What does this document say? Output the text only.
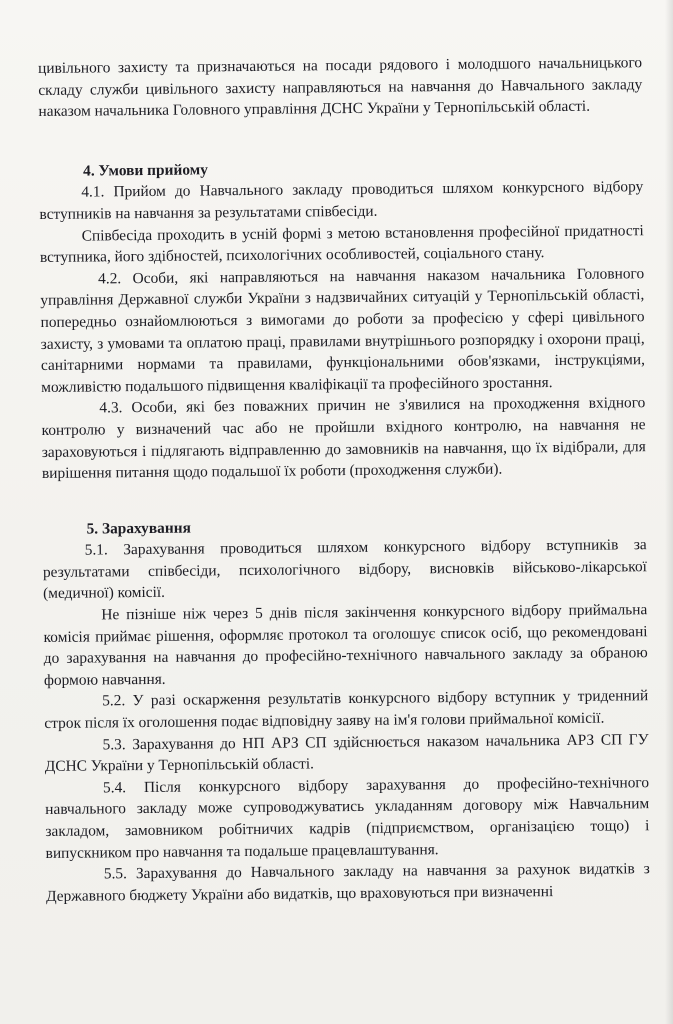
цивільного захисту та призначаються на посади рядового і молодшого начальницького складу служби цивільного захисту направляються на навчання до Навчального закладу наказом начальника Головного управління ДСНС України у Тернопільській області.

4. Умови прийому

4.1. Прийом до Навчального закладу проводиться шляхом конкурсного відбору вступників на навчання за результатами співбесіди.

Співбесіда проходить в усній формі з метою встановлення професійної придатності вступника, його здібностей, психологічних особливостей, соціального стану.

4.2. Особи, які направляються на навчання наказом начальника Головного управління Державної служби України з надзвичайних ситуацій у Тернопільській області, попередньо ознайомлюються з вимогами до роботи за професією у сфері цивільного захисту, з умовами та оплатою праці, правилами внутрішнього розпорядку і охорони праці, санітарними нормами та правилами, функціональними обов'язками, інструкціями, можливістю подальшого підвищення кваліфікації та професійного зростання.

4.3. Особи, які без поважних причин не з'явилися на проходження вхідного контролю у визначений час або не пройшли вхідного контролю, на навчання не зараховуються і підлягають відправленню до замовників на навчання, що їх відібрали, для вирішення питання щодо подальшої їх роботи (проходження служби).

5. Зарахування

5.1. Зарахування проводиться шляхом конкурсного відбору вступників за результатами співбесіди, психологічного відбору, висновків військово-лікарської (медичної) комісії.

Не пізніше ніж через 5 днів після закінчення конкурсного відбору приймальна комісія приймає рішення, оформляє протокол та оголошує список осіб, що рекомендовані до зарахування на навчання до професійно-технічного навчального закладу за обраною формою навчання.

5.2. У разі оскарження результатів конкурсного відбору вступник у триденний строк після їх оголошення подає відповідну заяву на ім'я голови приймальної комісії.

5.3. Зарахування до НП АРЗ СП здійснюється наказом начальника АРЗ СП ГУ ДСНС України у Тернопільській області.

5.4. Після конкурсного відбору зарахування до професійно-технічного навчального закладу може супроводжуватись укладанням договору між Навчальним закладом, замовником робітничих кадрів (підприємством, організацією тощо) і випускником про навчання та подальше працевлаштування.

5.5. Зарахування до Навчального закладу на навчання за рахунок видатків з Державного бюджету України або видатків, що враховуються при визначенні
